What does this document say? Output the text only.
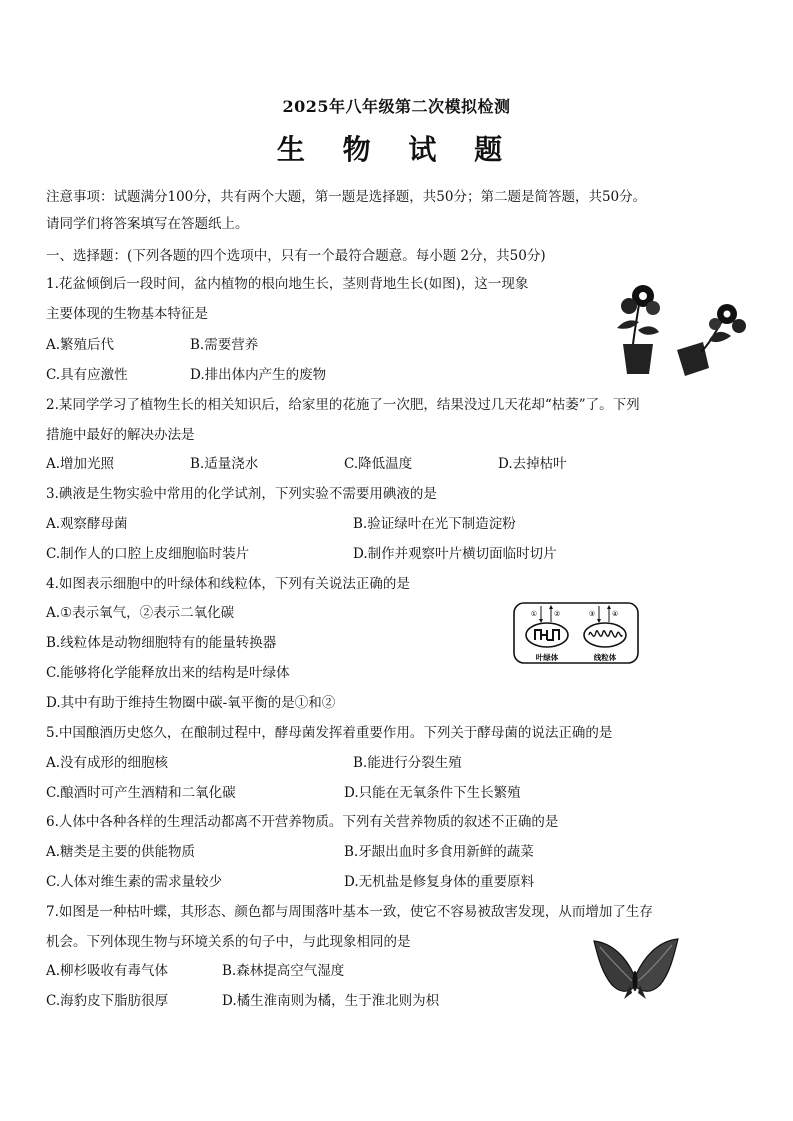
2025年八年级第二次模拟检测
生 物 试 题
注意事项：试题满分100分，共有两个大题，第一题是选择题，共50分；第二题是简答题，共50分。
请同学们将答案填写在答题纸上。
一、选择题：(下列各题的四个选项中，只有一个最符合题意。每小题 2分，共50分)
1.花盆倾倒后一段时间，盆内植物的根向地生长，茎则背地生长(如图)，这一现象
主要体现的生物基本特征是
A.繁殖后代	B.需要营养
C.具有应激性	D.排出体内产生的废物
2.某同学学习了植物生长的相关知识后，给家里的花施了一次肥，结果没过几天花却“枯萎”了。下列
措施中最好的解决办法是
A.增加光照	B.适量浇水	C.降低温度	D.去掉枯叶
3.碘液是生物实验中常用的化学试剂，下列实验不需要用碘液的是
A.观察酵母菌	B.验证绿叶在光下制造淀粉
C.制作人的口腔上皮细胞临时装片	D.制作并观察叶片横切面临时切片
4.如图表示细胞中的叶绿体和线粒体，下列有关说法正确的是
A.①表示氧气，②表示二氧化碳
B.线粒体是动物细胞特有的能量转换器
C.能够将化学能释放出来的结构是叶绿体
D.其中有助于维持生物圈中碳-氧平衡的是①和②
① ②	③ ④
叶绿体	线粒体
5.中国酿酒历史悠久，在酿制过程中，酵母菌发挥着重要作用。下列关于酵母菌的说法正确的是
A.没有成形的细胞核	B.能进行分裂生殖
C.酿酒时可产生酒精和二氧化碳	D.只能在无氧条件下生长繁殖
6.人体中各种各样的生理活动都离不开营养物质。下列有关营养物质的叙述不正确的是
A.糖类是主要的供能物质	B.牙龈出血时多食用新鲜的蔬菜
C.人体对维生素的需求量较少	D.无机盐是修复身体的重要原料
7.如图是一种枯叶蝶，其形态、颜色都与周围落叶基本一致，使它不容易被敌害发现，从而增加了生存
机会。下列体现生物与环境关系的句子中，与此现象相同的是
A.柳杉吸收有毒气体	B.森林提高空气湿度
C.海豹皮下脂肪很厚	D.橘生淮南则为橘，生于淮北则为枳
